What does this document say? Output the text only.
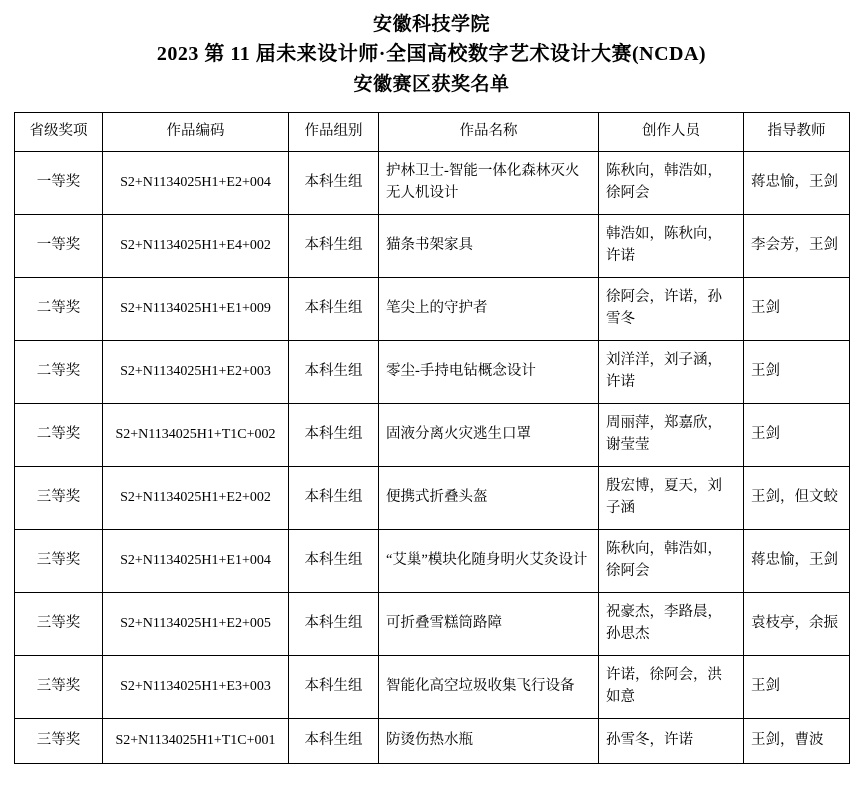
安徽科技学院
2023 第 11 届未来设计师·全国高校数字艺术设计大赛(NCDA)
安徽赛区获奖名单
省级奖项	作品编码	作品组别	作品名称	创作人员	指导教师
一等奖	S2+N1134025H1+E2+004	本科生组	护林卫士-智能一体化森林灭火无人机设计	陈秋向，韩浩如，徐阿会	蒋忠愉，王剑
一等奖	S2+N1134025H1+E4+002	本科生组	猫条书架家具	韩浩如，陈秋向，许诺	李会芳，王剑
二等奖	S2+N1134025H1+E1+009	本科生组	笔尖上的守护者	徐阿会，许诺，孙雪冬	王剑
二等奖	S2+N1134025H1+E2+003	本科生组	零尘-手持电钻概念设计	刘洋洋，刘子涵，许诺	王剑
二等奖	S2+N1134025H1+T1C+002	本科生组	固液分离火灾逃生口罩	周丽萍，郑嘉欣，谢莹莹	王剑
三等奖	S2+N1134025H1+E2+002	本科生组	便携式折叠头盔	殷宏博，夏天，刘子涵	王剑，但文蛟
三等奖	S2+N1134025H1+E1+004	本科生组	“艾巢”模块化随身明火艾灸设计	陈秋向，韩浩如，徐阿会	蒋忠愉，王剑
三等奖	S2+N1134025H1+E2+005	本科生组	可折叠雪糕筒路障	祝豪杰，李路晨，孙思杰	袁枝亭，余振
三等奖	S2+N1134025H1+E3+003	本科生组	智能化高空垃圾收集飞行设备	许诺，徐阿会，洪如意	王剑
三等奖	S2+N1134025H1+T1C+001	本科生组	防烫伤热水瓶	孙雪冬，许诺	王剑，曹波
